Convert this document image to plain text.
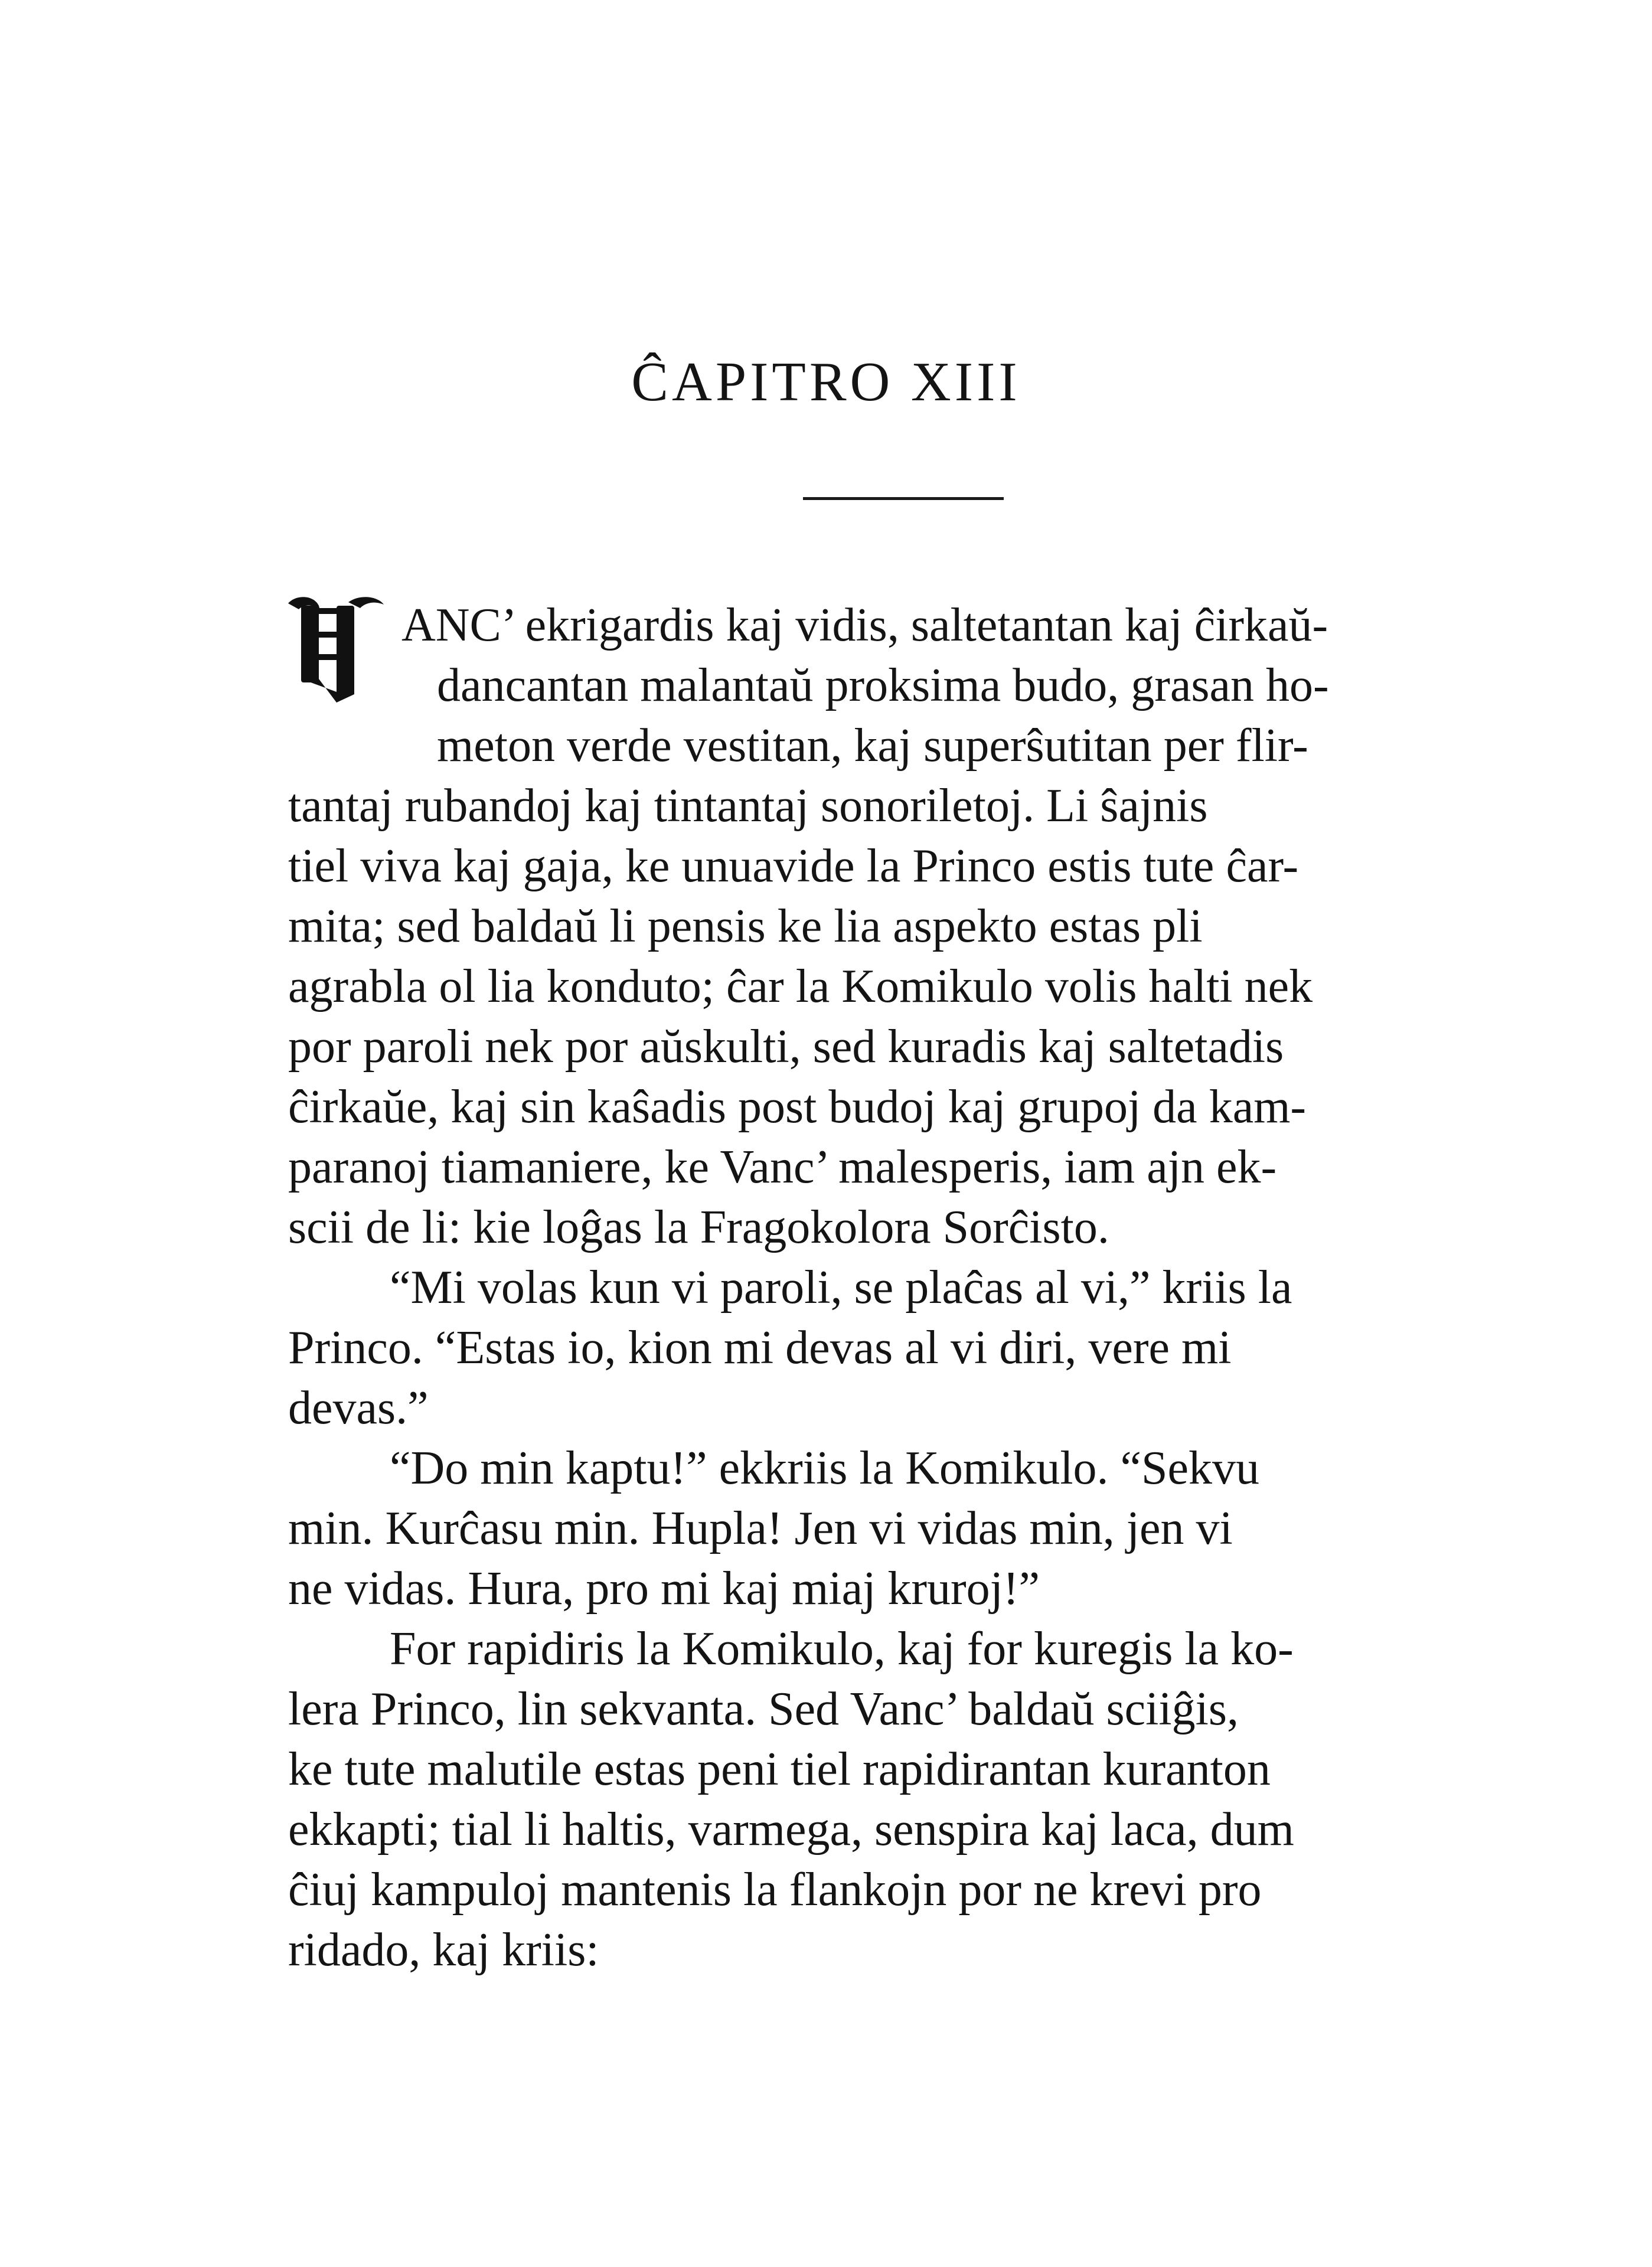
ĈAPITRO XIII
ANC’ ekrigardis kaj vidis, saltetantan kaj ĉirkaŭ-
dancantan malantaŭ proksima budo, grasan ho-
meton verde vestitan, kaj superŝutitan per flir-
tantaj rubandoj kaj tintantaj sonoriletoj. Li ŝajnis
tiel viva kaj gaja, ke unuavide la Princo estis tute ĉar-
mita; sed baldaŭ li pensis ke lia aspekto estas pli
agrabla ol lia konduto; ĉar la Komikulo volis halti nek
por paroli nek por aŭskulti, sed kuradis kaj saltetadis
ĉirkaŭe, kaj sin kaŝadis post budoj kaj grupoj da kam-
paranoj tiamaniere, ke Vanc’ malesperis, iam ajn ek-
scii de li: kie loĝas la Fragokolora Sorĉisto.
“Mi volas kun vi paroli, se plaĉas al vi,” kriis la
Princo. “Estas io, kion mi devas al vi diri, vere mi
devas.”
“Do min kaptu!” ekkriis la Komikulo. “Sekvu
min. Kurĉasu min. Hupla! Jen vi vidas min, jen vi
ne vidas. Hura, pro mi kaj miaj kruroj!”
For rapidiris la Komikulo, kaj for kuregis la ko-
lera Princo, lin sekvanta. Sed Vanc’ baldaŭ sciiĝis,
ke tute malutile estas peni tiel rapidirantan kuranton
ekkapti; tial li haltis, varmega, senspira kaj laca, dum
ĉiuj kampuloj mantenis la flankojn por ne krevi pro
ridado, kaj kriis:
